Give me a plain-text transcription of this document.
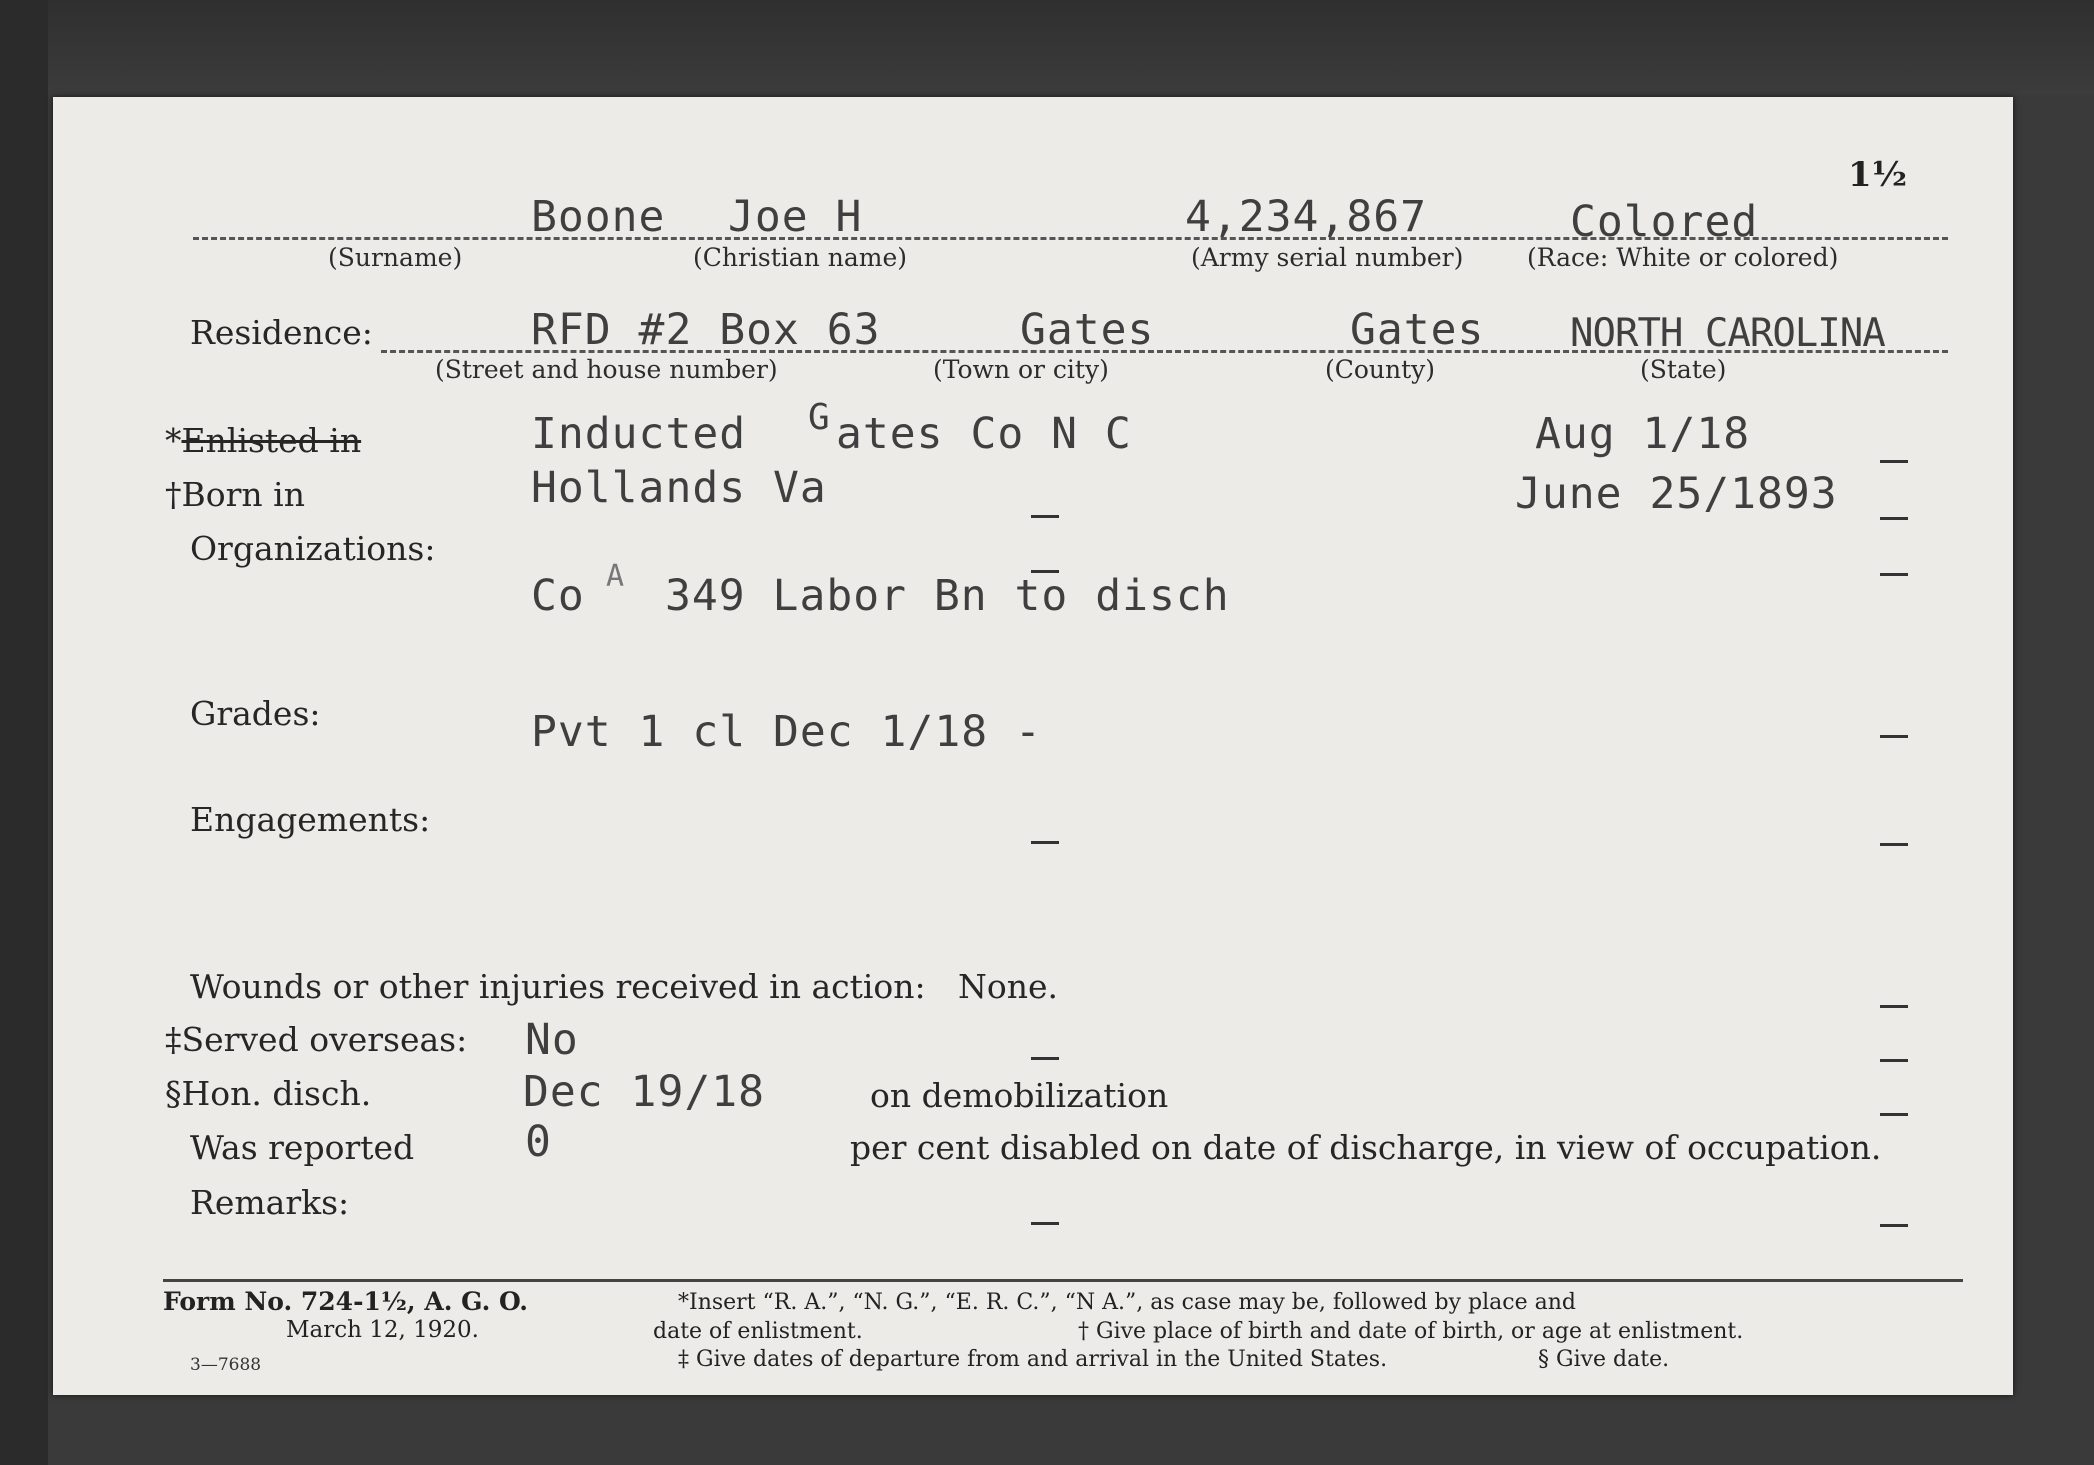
1½
Boone Joe H	4,234,867	Colored
(Surname)	(Christian name)	(Army serial number)	(Race: White or colored)
Residence:	RFD #2 Box 63	Gates	Gates NORTH CAROLINA
(Street and house number)	(Town or city)	(County)	(State)
*Enlisted in	Inducted G ates Co N C	Aug 1/18
†Born in	Hollands Va	June 25/1893
Organizations:
Co A 349 Labor Bn to disch
Grades:	Pvt 1 cl Dec 1/18 -
Engagements:
Wounds or other injuries received in action: None.
‡Served overseas: No
§Hon. disch.	Dec 19/18	on demobilization
Was reported	0	per cent disabled on date of discharge, in view of occupation.
Remarks:
Form No. 724-1½, A. G. O.
March 12, 1920.
3—7688
*Insert “R. A.”, “N. G.”, “E. R. C.”, “N A.”, as case may be, followed by place and
date of enlistment.	† Give place of birth and date of birth, or age at enlistment.
‡ Give dates of departure from and arrival in the United States.	§ Give date.
